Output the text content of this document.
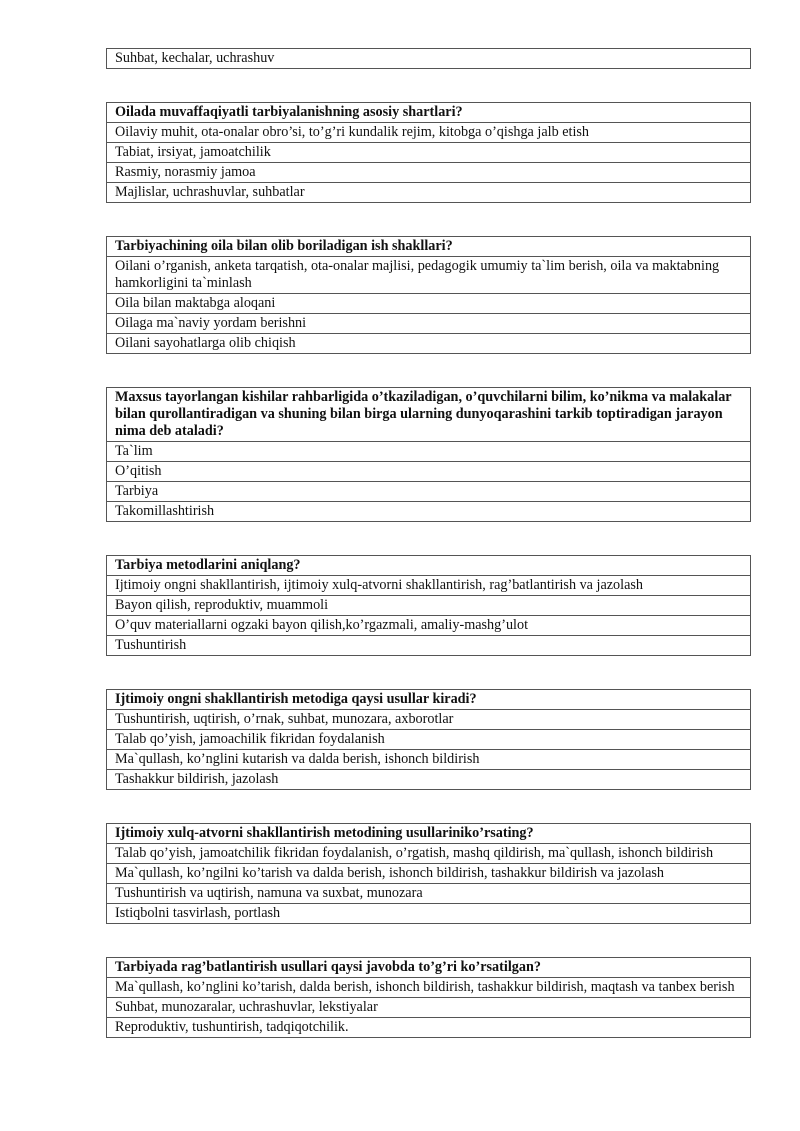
Suhbat, kechalar, uchrashuv
Oilada muvaffaqiyatli tarbiyalanishning asosiy shartlari?
Oilaviy muhit, ota-onalar obro’si, to’g’ri kundalik rejim, kitobga o’qishga jalb etish
Tabiat, irsiyat, jamoatchilik
Rasmiy, norasmiy jamoa
Majlislar, uchrashuvlar, suhbatlar
Tarbiyachining oila bilan olib boriladigan ish shakllari?
Oilani o’rganish, anketa tarqatish, ota-onalar majlisi, pedagogik umumiy ta`lim berish, oila va maktabning hamkorligini ta`minlash
Oila bilan maktabga aloqani
Oilaga ma`naviy yordam berishni
Oilani sayohatlarga olib chiqish
Maxsus tayorlangan kishilar rahbarligida o’tkaziladigan, o’quvchilarni bilim, ko’nikma va malakalar bilan qurollantiradigan va shuning bilan birga ularning dunyoqarashini tarkib toptiradigan jarayon nima deb ataladi?
Ta`lim
O’qitish
Tarbiya
Takomillashtirish
Tarbiya metodlarini aniqlang?
Ijtimoiy ongni shakllantirish, ijtimoiy xulq-atvorni shakllantirish, rag’batlantirish va jazolash
Bayon qilish, reproduktiv, muammoli
O’quv materiallarni ogzaki bayon qilish,ko’rgazmali, amaliy-mashg’ulot
Tushuntirish
Ijtimoiy ongni shakllantirish metodiga qaysi usullar kiradi?
Tushuntirish, uqtirish, o’rnak, suhbat, munozara, axborotlar
Talab qo’yish, jamoachilik fikridan foydalanish
Ma`qullash, ko’nglini kutarish va dalda berish, ishonch bildirish
Tashakkur bildirish, jazolash
Ijtimoiy xulq-atvorni shakllantirish metodining usullariniko’rsating?
Talab qo’yish, jamoatchilik fikridan foydalanish, o’rgatish, mashq qildirish, ma`qullash, ishonch bildirish
Ma`qullash, ko’ngilni ko’tarish va dalda berish, ishonch bildirish, tashakkur bildirish va jazolash
Tushuntirish va uqtirish, namuna va suxbat, munozara
Istiqbolni tasvirlash, portlash
Tarbiyada rag’batlantirish usullari qaysi javobda to’g’ri ko’rsatilgan?
Ma`qullash, ko’nglini ko’tarish, dalda berish, ishonch bildirish, tashakkur bildirish, maqtash va tanbex berish
Suhbat, munozaralar, uchrashuvlar, lekstiyalar
Reproduktiv, tushuntirish, tadqiqotchilik.
